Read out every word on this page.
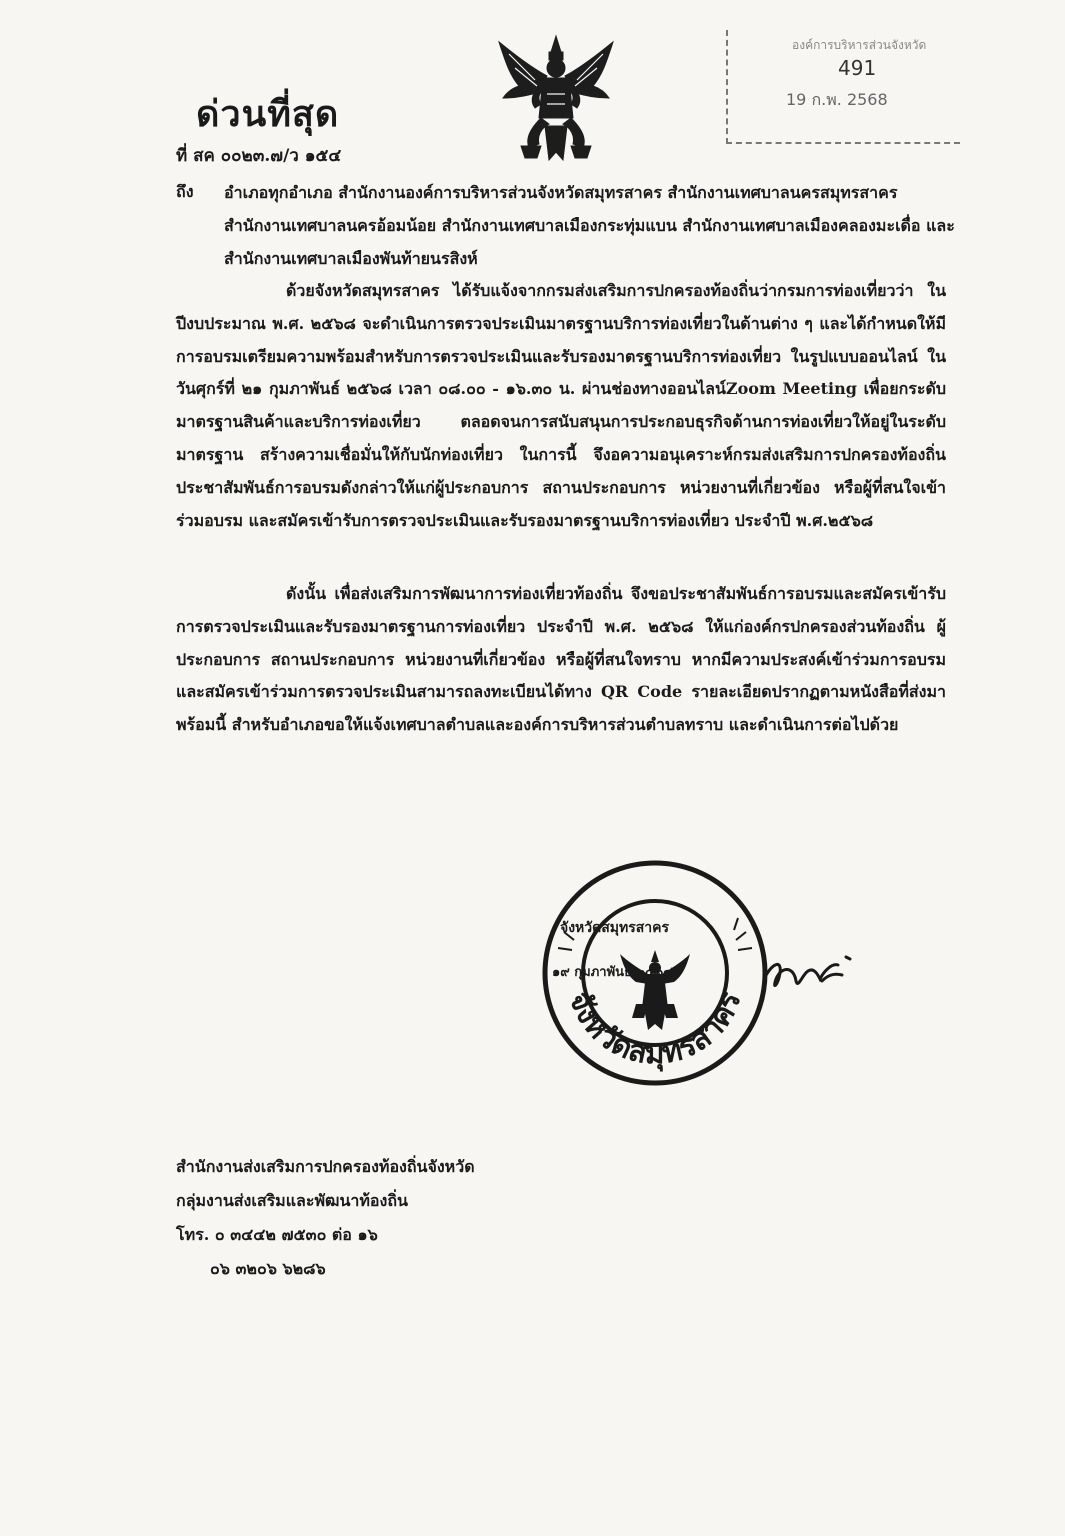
ด่วนที่สุด
ที่ สค ๐๐๒๓.๗/ว ๑๕๔
องค์การบริหารส่วนจังหวัด
491
19 ก.พ. 2568
ถึง อำเภอทุกอำเภอ สำนักงานองค์การบริหารส่วนจังหวัดสมุทรสาคร สำนักงานเทศบาลนครสมุทรสาคร สำนักงานเทศบาลนครอ้อมน้อย สำนักงานเทศบาลเมืองกระทุ่มแบน สำนักงานเทศบาลเมืองคลองมะเดื่อ และสำนักงานเทศบาลเมืองพันท้ายนรสิงห์
ด้วยจังหวัดสมุทรสาคร ได้รับแจ้งจากกรมส่งเสริมการปกครองท้องถิ่นว่ากรมการท่องเที่ยวว่า ในปีงบประมาณ พ.ศ. ๒๕๖๘ จะดำเนินการตรวจประเมินมาตรฐานบริการท่องเที่ยวในด้านต่าง ๆ และได้กำหนดให้มีการอบรมเตรียมความพร้อมสำหรับการตรวจประเมินและรับรองมาตรฐานบริการท่องเที่ยว ในรูปแบบออนไลน์ ในวันศุกร์ที่ ๒๑ กุมภาพันธ์ ๒๕๖๘ เวลา ๐๘.๐๐ - ๑๖.๓๐ น. ผ่านช่องทางออนไลน์Zoom Meeting เพื่อยกระดับมาตรฐานสินค้าและบริการท่องเที่ยว ตลอดจนการสนับสนุนการประกอบธุรกิจด้านการท่องเที่ยวให้อยู่ในระดับมาตรฐาน สร้างความเชื่อมั่นให้กับนักท่องเที่ยว ในการนี้ จึงอความอนุเคราะห์กรมส่งเสริมการปกครองท้องถิ่นประชาสัมพันธ์การอบรมดังกล่าวให้แก่ผู้ประกอบการ สถานประกอบการ หน่วยงานที่เกี่ยวข้อง หรือผู้ที่สนใจเข้าร่วมอบรม และสมัครเข้ารับการตรวจประเมินและรับรองมาตรฐานบริการท่องเที่ยว ประจำปี พ.ศ.๒๕๖๘
ดังนั้น เพื่อส่งเสริมการพัฒนาการท่องเที่ยวท้องถิ่น จึงขอประชาสัมพันธ์การอบรมและสมัครเข้ารับการตรวจประเมินและรับรองมาตรฐานการท่องเที่ยว ประจำปี พ.ศ. ๒๕๖๘ ให้แก่องค์กรปกครองส่วนท้องถิ่น ผู้ประกอบการ สถานประกอบการ หน่วยงานที่เกี่ยวข้อง หรือผู้ที่สนใจทราบ หากมีความประสงค์เข้าร่วมการอบรมและสมัครเข้าร่วมการตรวจประเมินสามารถลงทะเบียนได้ทาง QR Code รายละเอียดปรากฏตามหนังสือที่ส่งมาพร้อมนี้ สำหรับอำเภอขอให้แจ้งเทศบาลตำบลและองค์การบริหารส่วนตำบลทราบ และดำเนินการต่อไปด้วย
จังหวัดสมุทรสาคร
จังหวัดสมุทรสาคร
๑๙ กุมภาพันธ์ ๒๕๖๘
สำนักงานส่งเสริมการปกครองท้องถิ่นจังหวัด
กลุ่มงานส่งเสริมและพัฒนาท้องถิ่น
โทร. ๐ ๓๔๔๒ ๗๕๓๐ ต่อ ๑๖
๐๖ ๓๒๐๖ ๖๒๘๖
